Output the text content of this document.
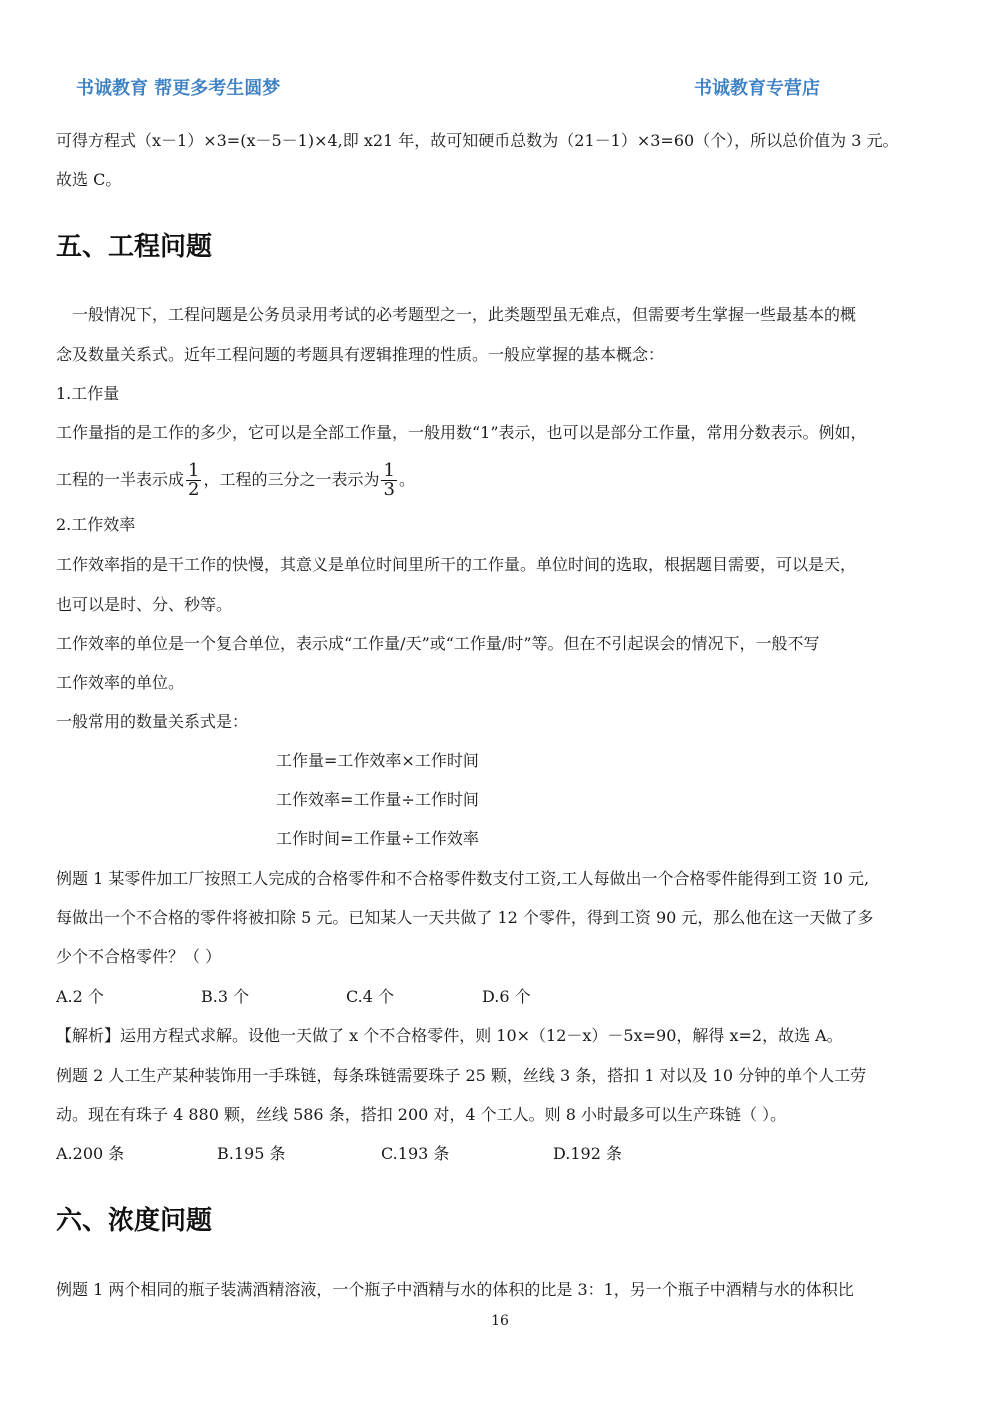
书诚教育 帮更多考生圆梦	书诚教育专营店
可得方程式（x－1）×3=(x－5－1)×4,即 x21 年，故可知硬币总数为（21－1）×3=60（个），所以总价值为 3 元。
故选 C。
五、工程问题
一般情况下，工程问题是公务员录用考试的必考题型之一，此类题型虽无难点，但需要考生掌握一些最基本的概
念及数量关系式。近年工程问题的考题具有逻辑推理的性质。一般应掌握的基本概念：
1.工作量
工作量指的是工作的多少，它可以是全部工作量，一般用数“1”表示，也可以是部分工作量，常用分数表示。例如，
工程的一半表示成 $\frac{1}{2}$ ，工程的三分之一表示为 $\frac{1}{3}$ 。
2.工作效率
工作效率指的是干工作的快慢，其意义是单位时间里所干的工作量。单位时间的选取，根据题目需要，可以是天，
也可以是时、分、秒等。
工作效率的单位是一个复合单位，表示成“工作量/天”或“工作量/时”等。但在不引起误会的情况下，一般不写
工作效率的单位。
一般常用的数量关系式是：
工作量=工作效率×工作时间
工作效率=工作量÷工作时间
工作时间=工作量÷工作效率
例题 1 某零件加工厂按照工人完成的合格零件和不合格零件数支付工资,工人每做出一个合格零件能得到工资 10 元,
每做出一个不合格的零件将被扣除 5 元。已知某人一天共做了 12 个零件，得到工资 90 元，那么他在这一天做了多
少个不合格零件？（ ）
A.2 个	B.3 个	C.4 个	D.6 个
【解析】运用方程式求解。设他一天做了 x 个不合格零件，则 10×（12－x）－5x=90，解得 x=2，故选 A。
例题 2 人工生产某种装饰用一手珠链，每条珠链需要珠子 25 颗，丝线 3 条，搭扣 1 对以及 10 分钟的单个人工劳
动。现在有珠子 4 880 颗，丝线 586 条，搭扣 200 对，4 个工人。则 8 小时最多可以生产珠链（ ）。
A.200 条	B.195 条	C.193 条	D.192 条
六、浓度问题
例题 1 两个相同的瓶子装满酒精溶液，一个瓶子中酒精与水的体积的比是 3：1，另一个瓶子中酒精与水的体积比
16
